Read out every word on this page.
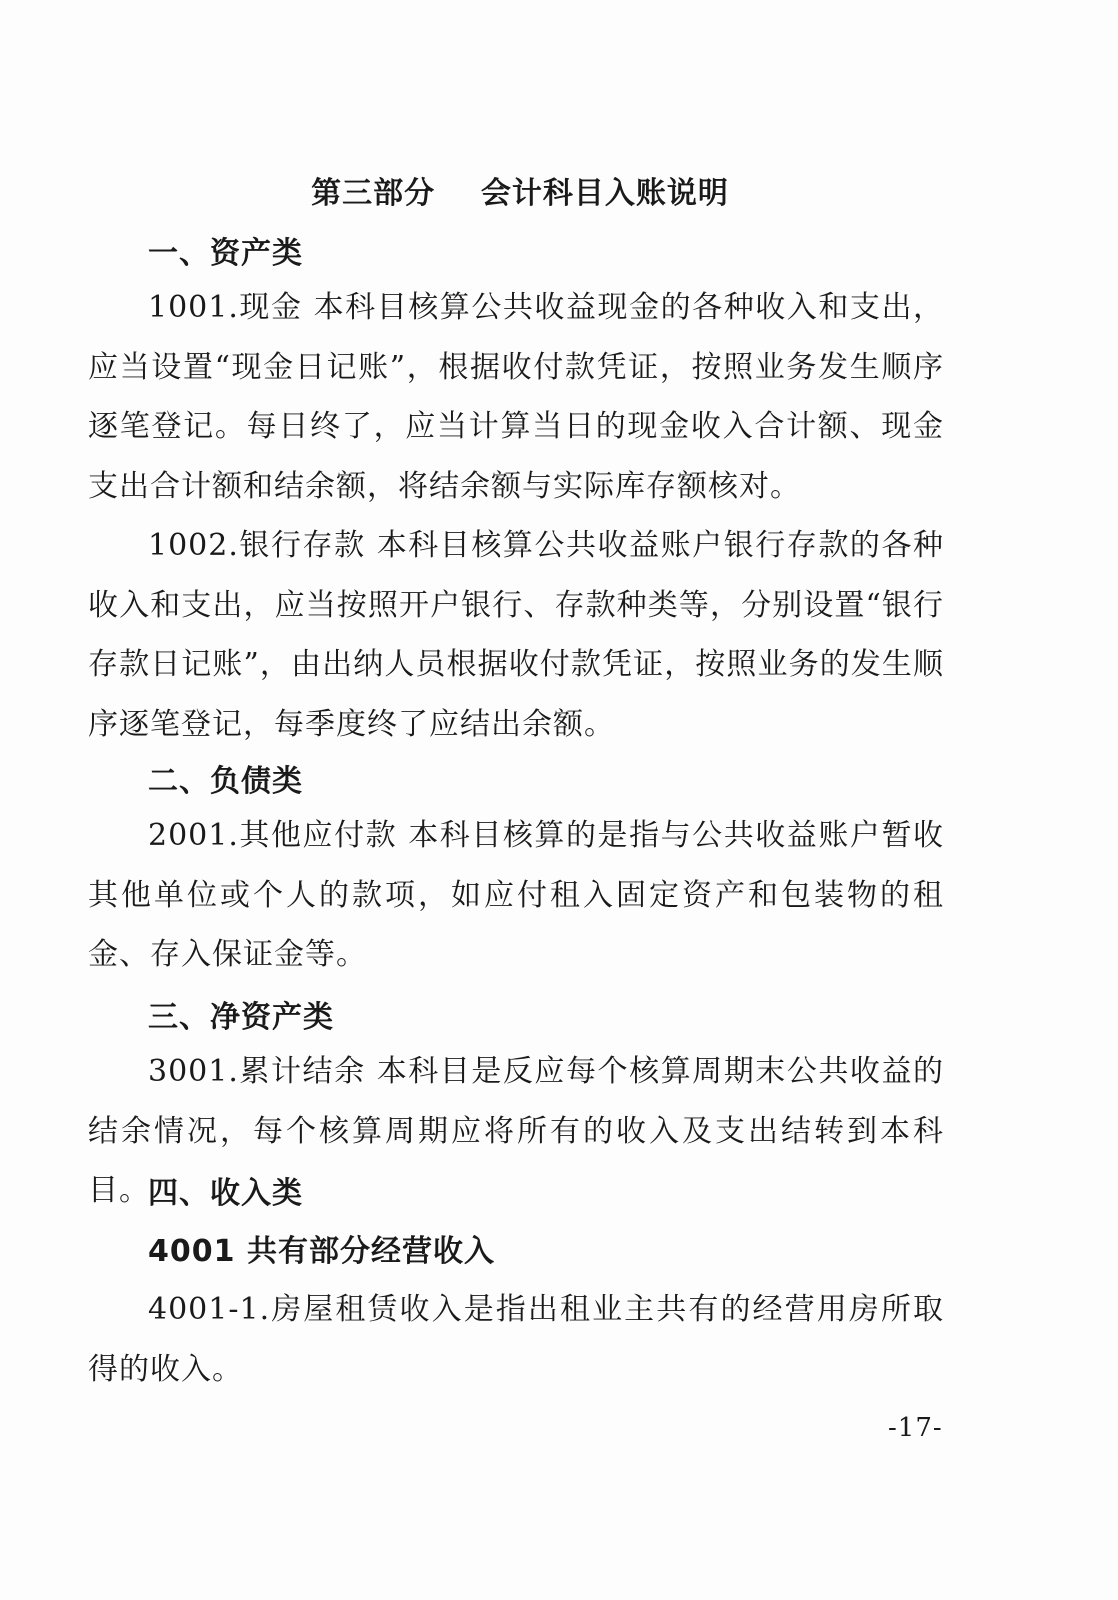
第三部分    会计科目入账说明
一、资产类
1001.现金 本科目核算公共收益现金的各种收入和支出，应当设置“现金日记账”，根据收付款凭证，按照业务发生顺序逐笔登记。每日终了，应当计算当日的现金收入合计额、现金支出合计额和结余额，将结余额与实际库存额核对。
1002.银行存款 本科目核算公共收益账户银行存款的各种收入和支出，应当按照开户银行、存款种类等，分别设置“银行存款日记账”，由出纳人员根据收付款凭证，按照业务的发生顺序逐笔登记，每季度终了应结出余额。
二、负债类
2001.其他应付款 本科目核算的是指与公共收益账户暂收其他单位或个人的款项，如应付租入固定资产和包装物的租金、存入保证金等。
三、净资产类
3001.累计结余 本科目是反应每个核算周期末公共收益的结余情况，每个核算周期应将所有的收入及支出结转到本科目。
四、收入类
4001 共有部分经营收入
4001-1.房屋租赁收入是指出租业主共有的经营用房所取得的收入。
-17-
